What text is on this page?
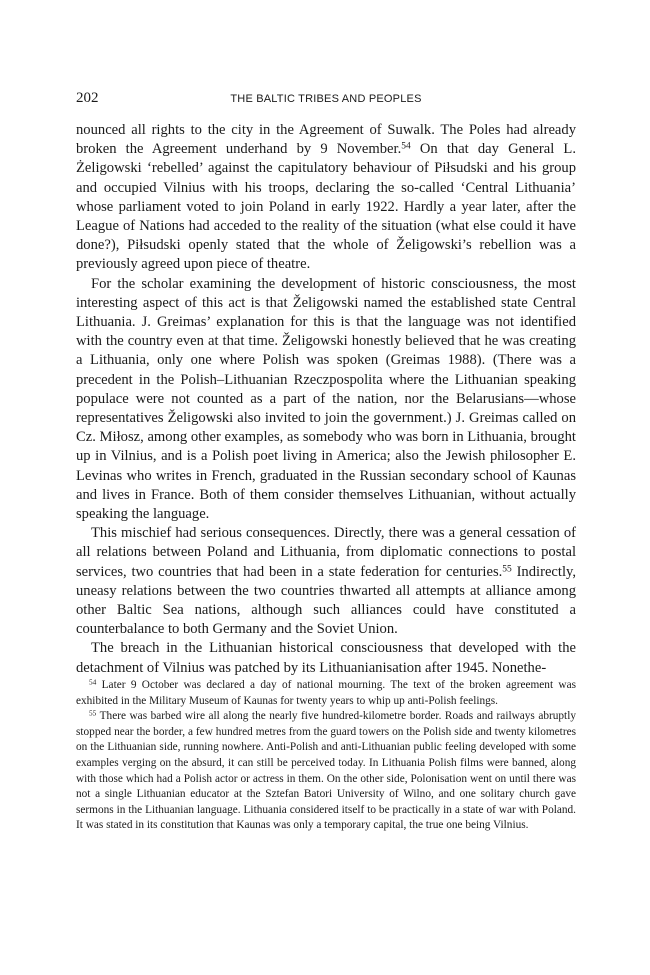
202	THE BALTIC TRIBES AND PEOPLES

nounced all rights to the city in the Agreement of Suwalk. The Poles had already broken the Agreement underhand by 9 November.$^{54}$ On that day General L. Żeligowski ‘rebelled’ against the capitulatory behaviour of Piłsudski and his group and occupied Vilnius with his troops, declaring the so-called ‘Central Lithuania’ whose parliament voted to join Poland in early 1922. Hardly a year later, after the League of Nations had acceded to the reality of the situation (what else could it have done?), Piłsudski openly stated that the whole of Želigowski’s rebellion was a previously agreed upon piece of theatre.

For the scholar examining the development of historic consciousness, the most interesting aspect of this act is that Želigowski named the established state Central Lithuania. J. Greimas’ explanation for this is that the language was not identified with the country even at that time. Želigowski honestly believed that he was creating a Lithuania, only one where Polish was spoken (Greimas 1988). (There was a precedent in the Polish–Lithuanian Rzeczpospolita where the Lithuanian speaking populace were not counted as a part of the nation, nor the Belarusians—whose representatives Želigowski also invited to join the government.) J. Greimas called on Cz. Miłosz, among other examples, as somebody who was born in Lithuania, brought up in Vilnius, and is a Polish poet living in America; also the Jewish philosopher E. Levinas who writes in French, graduated in the Russian secondary school of Kaunas and lives in France. Both of them consider themselves Lithuanian, without actually speaking the language.

This mischief had serious consequences. Directly, there was a general cessation of all relations between Poland and Lithuania, from diplomatic connections to postal services, two countries that had been in a state federation for centuries.$^{55}$ Indirectly, uneasy relations between the two countries thwarted all attempts at alliance among other Baltic Sea nations, although such alliances could have constituted a counterbalance to both Germany and the Soviet Union.

The breach in the Lithuanian historical consciousness that developed with the detachment of Vilnius was patched by its Lithuanianisation after 1945. Nonethe-

$^{54}$ Later 9 October was declared a day of national mourning. The text of the broken agreement was exhibited in the Military Museum of Kaunas for twenty years to whip up anti-Polish feelings.

$^{55}$ There was barbed wire all along the nearly five hundred-kilometre border. Roads and railways abruptly stopped near the border, a few hundred metres from the guard towers on the Polish side and twenty kilometres on the Lithuanian side, running nowhere. Anti-Polish and anti-Lithuanian public feeling developed with some examples verging on the absurd, it can still be perceived today. In Lithuania Polish films were banned, along with those which had a Polish actor or actress in them. On the other side, Polonisation went on until there was not a single Lithuanian educator at the Sztefan Batori University of Wilno, and one solitary church gave sermons in the Lithuanian language. Lithuania considered itself to be practically in a state of war with Poland. It was stated in its constitution that Kaunas was only a temporary capital, the true one being Vilnius.
